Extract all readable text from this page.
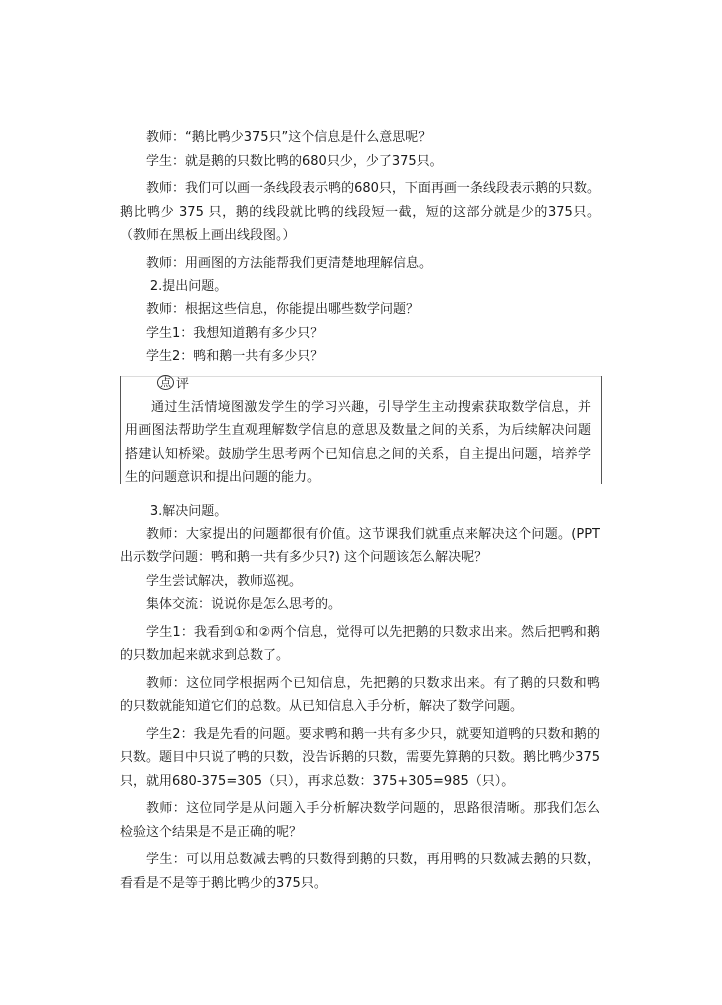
教师：“鹅比鸭少375只”这个信息是什么意思呢？

学生：就是鹅的只数比鸭的680只少，少了375只。

教师：我们可以画一条线段表示鸭的680只，下面再画一条线段表示鹅的只数。鹅比鸭少 375 只，鹅的线段就比鸭的线段短一截，短的这部分就是少的375只。（教师在黑板上画出线段图。）

教师：用画图的方法能帮我们更清楚地理解信息。

2.提出问题。

教师：根据这些信息，你能提出哪些数学问题？

学生1：我想知道鹅有多少只？

学生2：鸭和鹅一共有多少只？

点 评

通过生活情境图激发学生的学习兴趣，引导学生主动搜索获取数学信息，并用画图法帮助学生直观理解数学信息的意思及数量之间的关系，为后续解决问题搭建认知桥梁。鼓励学生思考两个已知信息之间的关系，自主提出问题，培养学生的问题意识和提出问题的能力。

3.解决问题。

教师：大家提出的问题都很有价值。这节课我们就重点来解决这个问题。(PPT 出示数学问题：鸭和鹅一共有多少只?) 这个问题该怎么解决呢？

学生尝试解决，教师巡视。

集体交流：说说你是怎么思考的。

学生1：我看到①和②两个信息，觉得可以先把鹅的只数求出来。然后把鸭和鹅的只数加起来就求到总数了。

教师：这位同学根据两个已知信息，先把鹅的只数求出来。有了鹅的只数和鸭的只数就能知道它们的总数。从已知信息入手分析，解决了数学问题。

学生2：我是先看的问题。要求鸭和鹅一共有多少只，就要知道鸭的只数和鹅的只数。题目中只说了鸭的只数，没告诉鹅的只数，需要先算鹅的只数。鹅比鸭少375只，就用680-375=305（只），再求总数：375+305=985（只）。

教师：这位同学是从问题入手分析解决数学问题的，思路很清晰。那我们怎么检验这个结果是不是正确的呢？

学生：可以用总数减去鸭的只数得到鹅的只数，再用鸭的只数减去鹅的只数，看看是不是等于鹅比鸭少的375只。
